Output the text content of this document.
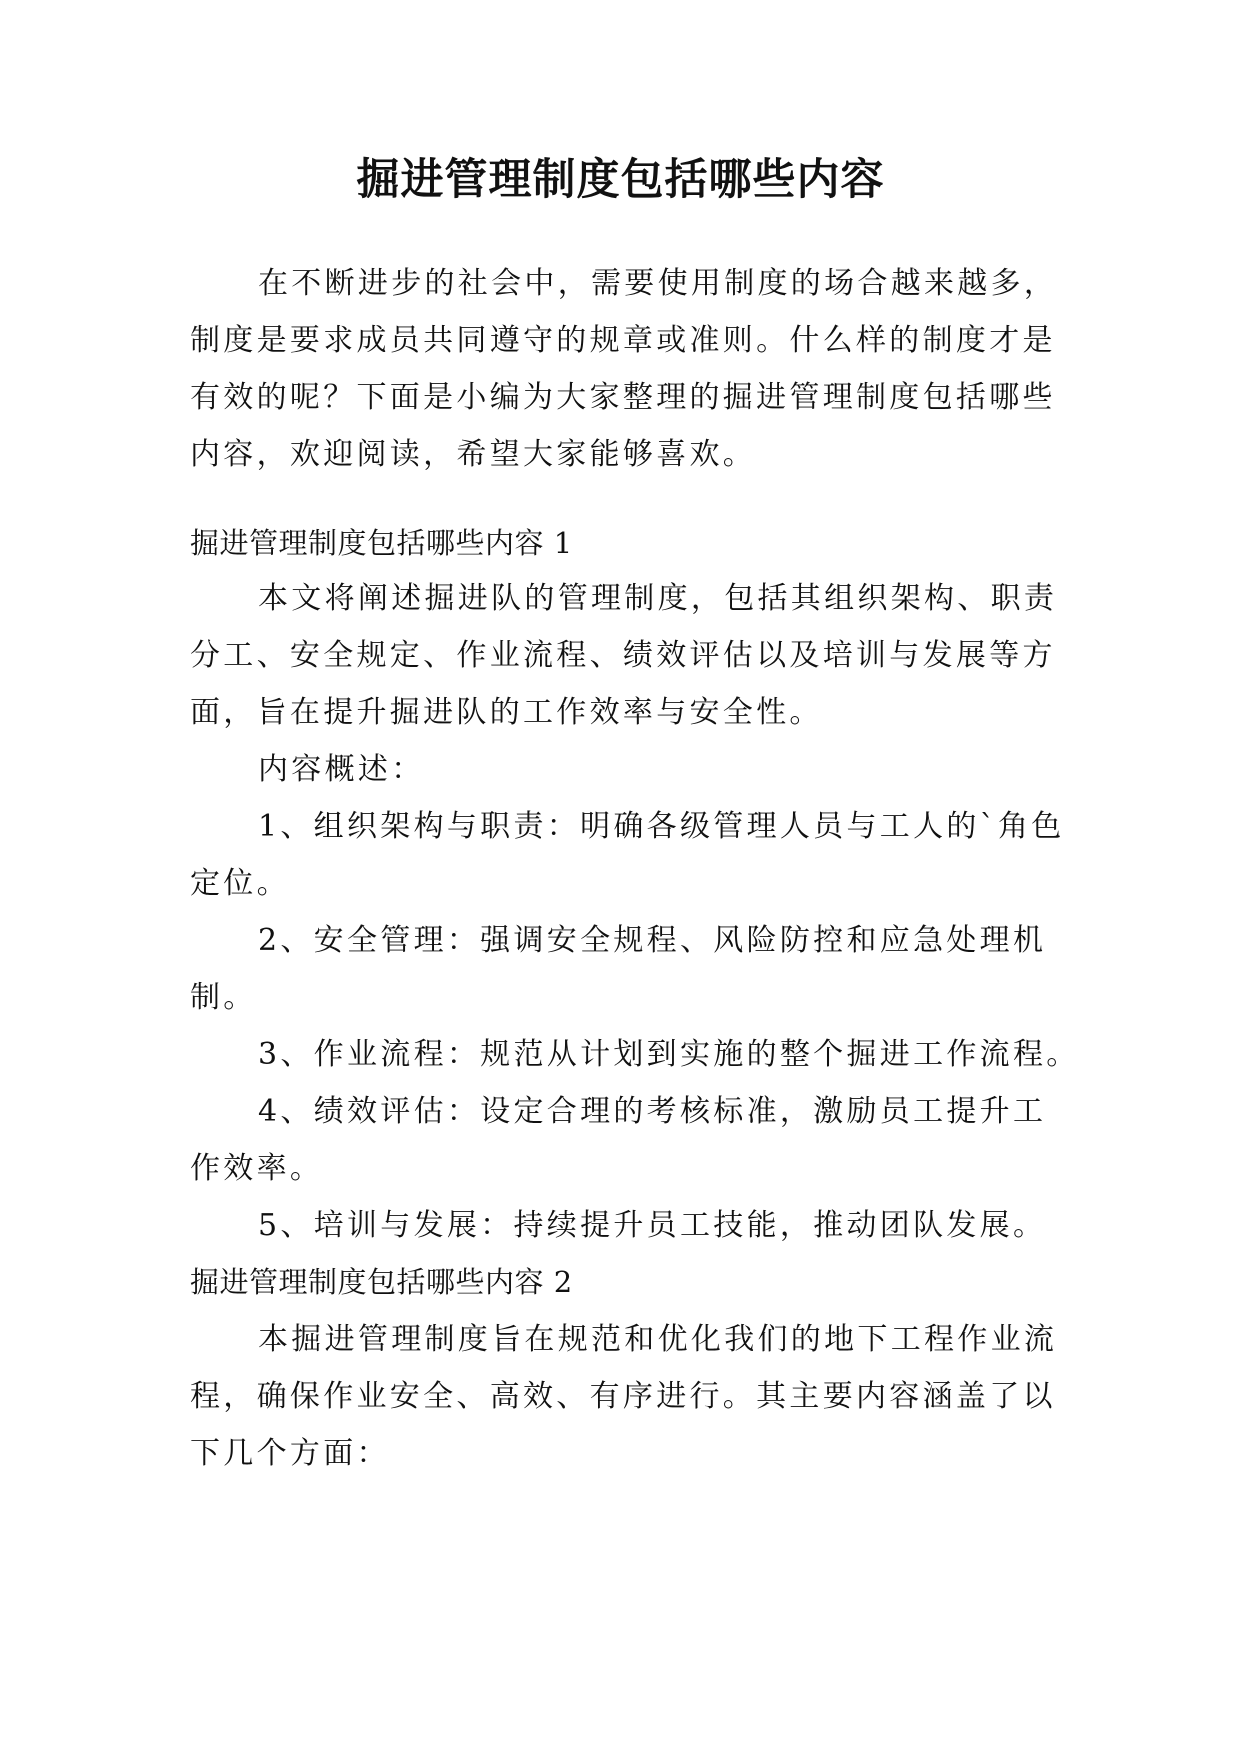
掘进管理制度包括哪些内容

在不断进步的社会中，需要使用制度的场合越来越多，制度是要求成员共同遵守的规章或准则。什么样的制度才是有效的呢？下面是小编为大家整理的掘进管理制度包括哪些内容，欢迎阅读，希望大家能够喜欢。

掘进管理制度包括哪些内容 1

本文将阐述掘进队的管理制度，包括其组织架构、职责分工、安全规定、作业流程、绩效评估以及培训与发展等方面，旨在提升掘进队的工作效率与安全性。

内容概述：

1、组织架构与职责：明确各级管理人员与工人的`角色定位。

2、安全管理：强调安全规程、风险防控和应急处理机制。

3、作业流程：规范从计划到实施的整个掘进工作流程。

4、绩效评估：设定合理的考核标准，激励员工提升工作效率。

5、培训与发展：持续提升员工技能，推动团队发展。

掘进管理制度包括哪些内容 2

本掘进管理制度旨在规范和优化我们的地下工程作业流程，确保作业安全、高效、有序进行。其主要内容涵盖了以下几个方面：
